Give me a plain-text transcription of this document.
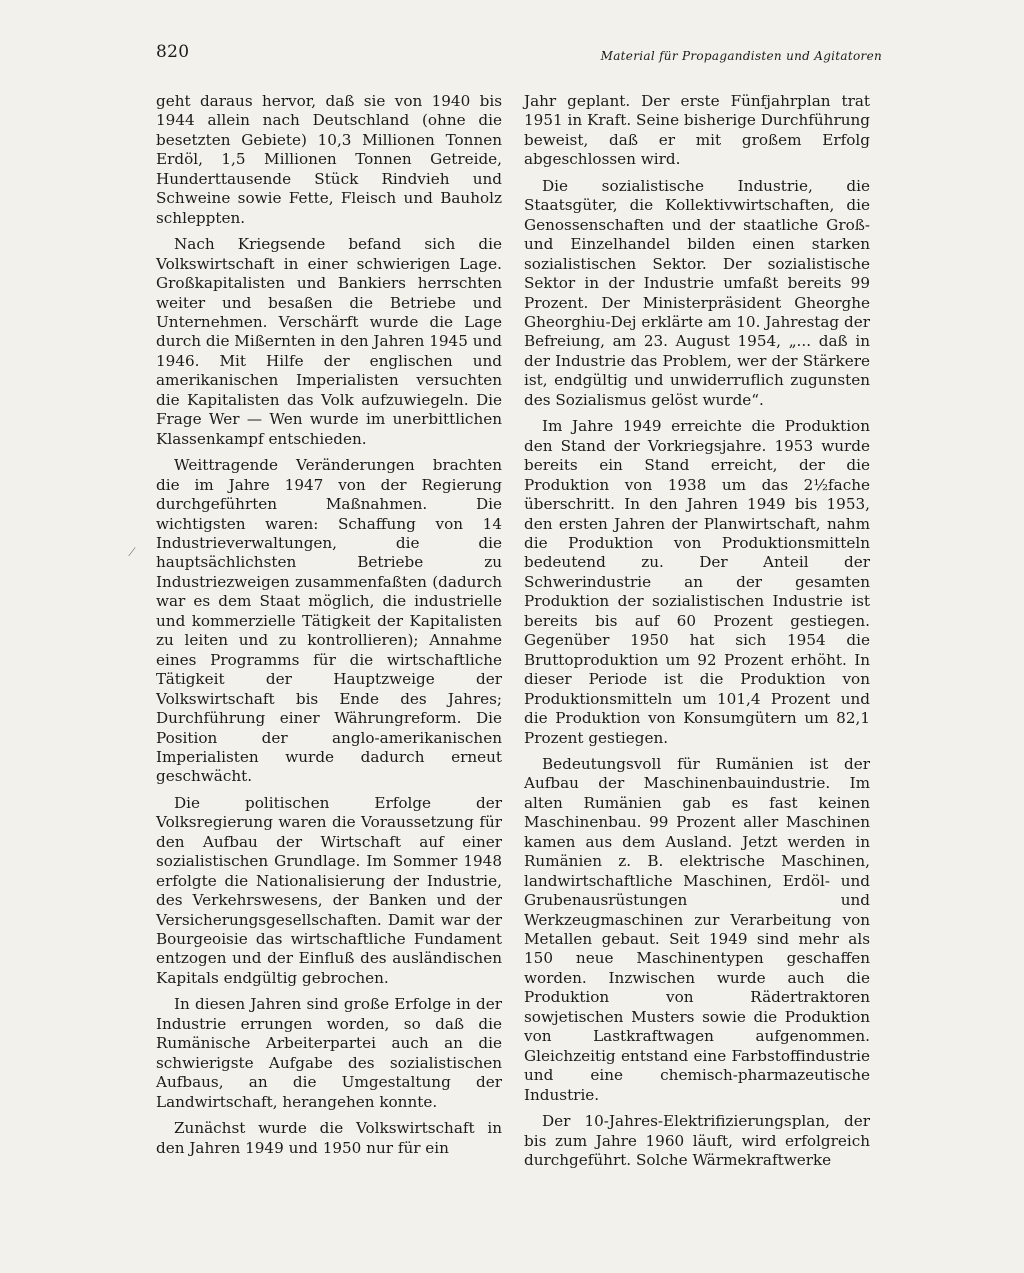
820	Material für Propagandisten und Agitatoren
⁄

geht daraus hervor, daß sie von 1940 bis 1944 allein nach Deutschland (ohne die besetzten Gebiete) 10,3 Millionen Tonnen Erdöl, 1,5 Millionen Tonnen Getreide, Hunderttausende Stück Rindvieh und Schweine sowie Fette, Fleisch und Bauholz schleppten.

Nach Kriegsende befand sich die Volkswirtschaft in einer schwierigen Lage. Großkapitalisten und Bankiers herrschten weiter und besaßen die Betriebe und Unternehmen. Verschärft wurde die Lage durch die Mißernten in den Jahren 1945 und 1946. Mit Hilfe der englischen und amerikanischen Imperialisten versuchten die Kapitalisten das Volk aufzuwiegeln. Die Frage Wer — Wen wurde im unerbittlichen Klassenkampf entschieden.

Weittragende Veränderungen brachten die im Jahre 1947 von der Regierung durchgeführten Maßnahmen. Die wichtigsten waren: Schaffung von 14 Industrieverwaltungen, die die hauptsächlichsten Betriebe zu Industriezweigen zusammenfaßten (dadurch war es dem Staat möglich, die industrielle und kommerzielle Tätigkeit der Kapitalisten zu leiten und zu kontrollieren); Annahme eines Programms für die wirtschaftliche Tätigkeit der Hauptzweige der Volkswirtschaft bis Ende des Jahres; Durchführung einer Währungreform. Die Position der anglo-amerikanischen Imperialisten wurde dadurch erneut geschwächt.

Die politischen Erfolge der Volksregierung waren die Voraussetzung für den Aufbau der Wirtschaft auf einer sozialistischen Grundlage. Im Sommer 1948 erfolgte die Nationalisierung der Industrie, des Verkehrswesens, der Banken und der Versicherungsgesellschaften. Damit war der Bourgeoisie das wirtschaftliche Fundament entzogen und der Einfluß des ausländischen Kapitals endgültig gebrochen.

In diesen Jahren sind große Erfolge in der Industrie errungen worden, so daß die Rumänische Arbeiterpartei auch an die schwierigste Aufgabe des sozialistischen Aufbaus, an die Umgestaltung der Landwirtschaft, herangehen konnte.

Zunächst wurde die Volkswirtschaft in den Jahren 1949 und 1950 nur für ein

Jahr geplant. Der erste Fünfjahrplan trat 1951 in Kraft. Seine bisherige Durchführung beweist, daß er mit großem Erfolg abgeschlossen wird.

Die sozialistische Industrie, die Staatsgüter, die Kollektivwirtschaften, die Genossenschaften und der staatliche Groß- und Einzelhandel bilden einen starken sozialistischen Sektor. Der sozialistische Sektor in der Industrie umfaßt bereits 99 Prozent. Der Ministerpräsident Gheorghe Gheorghiu-Dej erklärte am 10. Jahrestag der Befreiung, am 23. August 1954, „... daß in der Industrie das Problem, wer der Stärkere ist, endgültig und unwiderruflich zugunsten des Sozialismus gelöst wurde“.

Im Jahre 1949 erreichte die Produktion den Stand der Vorkriegsjahre. 1953 wurde bereits ein Stand erreicht, der die Produktion von 1938 um das 2½fache überschritt. In den Jahren 1949 bis 1953, den ersten Jahren der Planwirtschaft, nahm die Produktion von Produktionsmitteln bedeutend zu. Der Anteil der Schwerindustrie an der gesamten Produktion der sozialistischen Industrie ist bereits bis auf 60 Prozent gestiegen. Gegenüber 1950 hat sich 1954 die Bruttoproduktion um 92 Prozent erhöht. In dieser Periode ist die Produktion von Produktionsmitteln um 101,4 Prozent und die Produktion von Konsumgütern um 82,1 Prozent gestiegen.

Bedeutungsvoll für Rumänien ist der Aufbau der Maschinenbauindustrie. Im alten Rumänien gab es fast keinen Maschinenbau. 99 Prozent aller Maschinen kamen aus dem Ausland. Jetzt werden in Rumänien z. B. elektrische Maschinen, landwirtschaftliche Maschinen, Erdöl- und Grubenausrüstungen und Werkzeugmaschinen zur Verarbeitung von Metallen gebaut. Seit 1949 sind mehr als 150 neue Maschinentypen geschaffen worden. Inzwischen wurde auch die Produktion von Rädertraktoren sowjetischen Musters sowie die Produktion von Lastkraftwagen aufgenommen. Gleichzeitig entstand eine Farbstoffindustrie und eine chemisch-pharmazeutische Industrie.

Der 10-Jahres-Elektrifizierungsplan, der bis zum Jahre 1960 läuft, wird erfolgreich durchgeführt. Solche Wärmekraftwerke
